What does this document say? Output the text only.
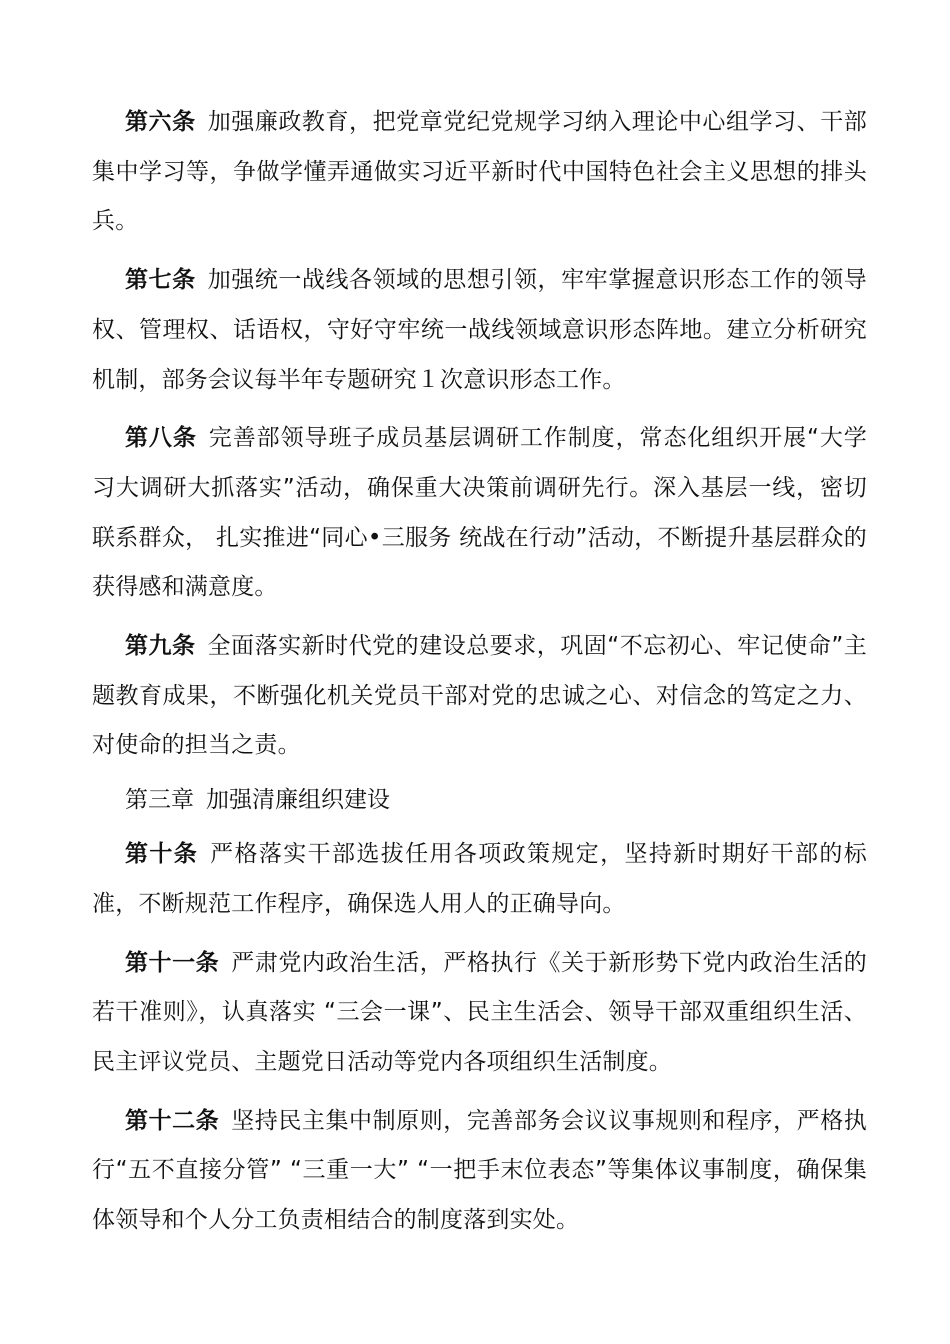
第六条 加强廉政教育，把党章党纪党规学习纳入理论中心组学习、干部集中学习等，争做学懂弄通做实习近平新时代中国特色社会主义思想的排头兵。

第七条 加强统一战线各领域的思想引领，牢牢掌握意识形态工作的领导权、管理权、话语权，守好守牢统一战线领域意识形态阵地。建立分析研究机制，部务会议每半年专题研究１次意识形态工作。

第八条 完善部领导班子成员基层调研工作制度，常态化组织开展“大学习大调研大抓落实”活动，确保重大决策前调研先行。深入基层一线，密切联系群众， 扎实推进“同心•三服务 统战在行动”活动，不断提升基层群众的获得感和满意度。

第九条 全面落实新时代党的建设总要求，巩固“不忘初心、牢记使命”主题教育成果，不断强化机关党员干部对党的忠诚之心、对信念的笃定之力、对使命的担当之责。

第三章 加强清廉组织建设

第十条 严格落实干部选拔任用各项政策规定，坚持新时期好干部的标准，不断规范工作程序，确保选人用人的正确导向。

第十一条 严肃党内政治生活，严格执行《关于新形势下党内政治生活的若干准则》，认真落实 “三会一课”、民主生活会、领导干部双重组织生活、民主评议党员、主题党日活动等党内各项组织生活制度。

第十二条 坚持民主集中制原则，完善部务会议议事规则和程序，严格执行“五不直接分管” “三重一大” “一把手末位表态”等集体议事制度，确保集体领导和个人分工负责相结合的制度落到实处。
